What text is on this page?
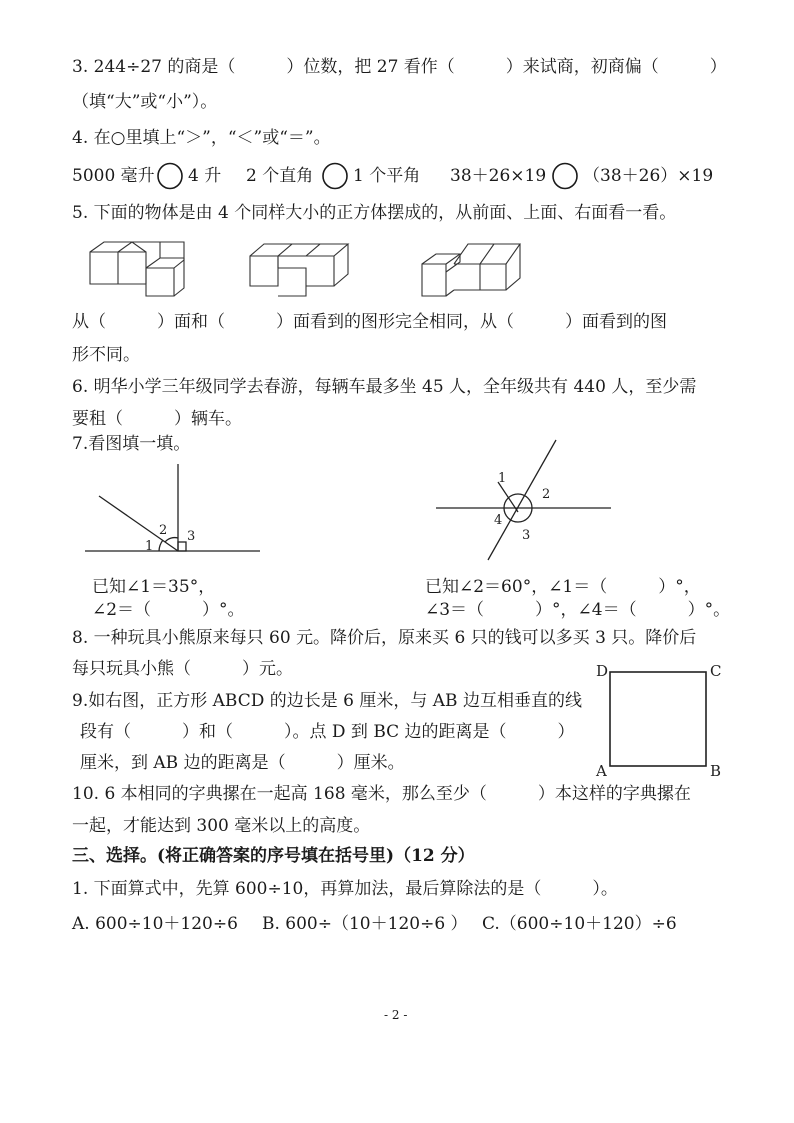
3. 244÷27 的商是（　　　）位数，把 27 看作（　　　）来试商，初商偏（　　　）
（填“大”或“小”）。
4. 在○里填上“＞”，“＜”或“＝”。
5000 毫升 4 升 2 个直角 1 个平角 38＋26×19 （38＋26）×19
5. 下面的物体是由 4 个同样大小的正方体摆成的，从前面、上面、右面看一看。
从（　　　）面和（　　　）面看到的图形完全相同，从（　　　）面看到的图
形不同。
6. 明华小学三年级同学去春游，每辆车最多坐 45 人，全年级共有 440 人，至少需
要租（　　　）辆车。
7.看图填一填。
1
2 3
1
2
3
4
已知∠1＝35°，
∠2＝（　　　）°。
已知∠2＝60°，∠1＝（　　　）°，
∠3＝（　　　）°，∠4＝（　　　）°。
8. 一种玩具小熊原来每只 60 元。降价后，原来买 6 只的钱可以多买 3 只。降价后
每只玩具小熊（　　　）元。	D	C
A	B
9.如右图，正方形 ABCD 的边长是 6 厘米，与 AB 边互相垂直的线
段有（　　　）和（　　　）。点 D 到 BC 边的距离是（　　　）
厘米，到 AB 边的距离是（　　　）厘米。
10. 6 本相同的字典摞在一起高 168 毫米，那么至少（　　　）本这样的字典摞在
一起，才能达到 300 毫米以上的高度。
三、选择。(将正确答案的序号填在括号里)（12 分）
1. 下面算式中，先算 600÷10，再算加法，最后算除法的是（　　　）。
A. 600÷10＋120÷6 B. 600÷（10＋120÷6 ） C.（600÷10＋120）÷6
- 2 -
